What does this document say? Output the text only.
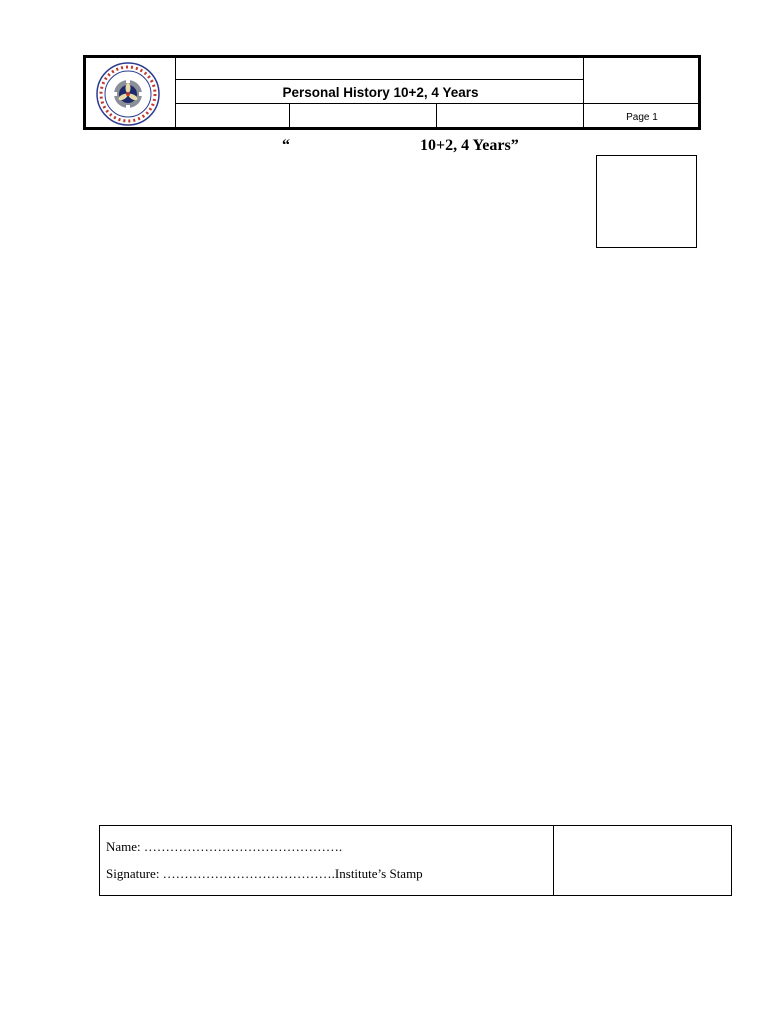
Personal History 10+2, 4 Years
Page 1
“	10+2, 4 Years”
Name: ……………………………………….
Signature: ………………………………….Institute’s Stamp
